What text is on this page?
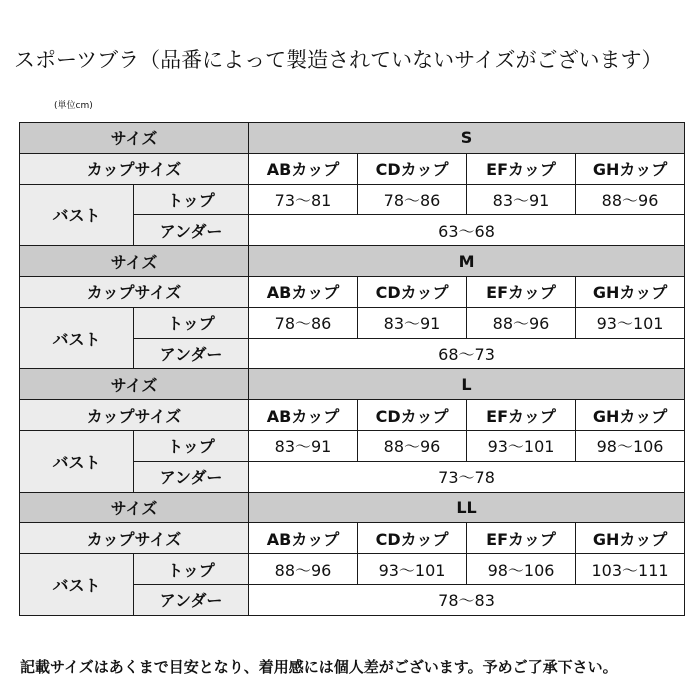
スポーツブラ（品番によって製造されていないサイズがございます）
(単位cm)
サイズ		S			
カップサイズ		ABカップ	CDカップ	EFカップ	GHカップ
バスト	トップ	73〜81	78〜86	83〜91	88〜96
	アンダー	63〜68			
サイズ		M			
カップサイズ		ABカップ	CDカップ	EFカップ	GHカップ
バスト	トップ	78〜86	83〜91	88〜96	93〜101
	アンダー	68〜73			
サイズ		L			
カップサイズ		ABカップ	CDカップ	EFカップ	GHカップ
バスト	トップ	83〜91	88〜96	93〜101	98〜106
	アンダー	73〜78			
サイズ		LL			
カップサイズ		ABカップ	CDカップ	EFカップ	GHカップ
バスト	トップ	88〜96	93〜101	98〜106	103〜111
	アンダー	78〜83			
記載サイズはあくまで目安となり、着用感には個人差がございます。予めご了承下さい。
